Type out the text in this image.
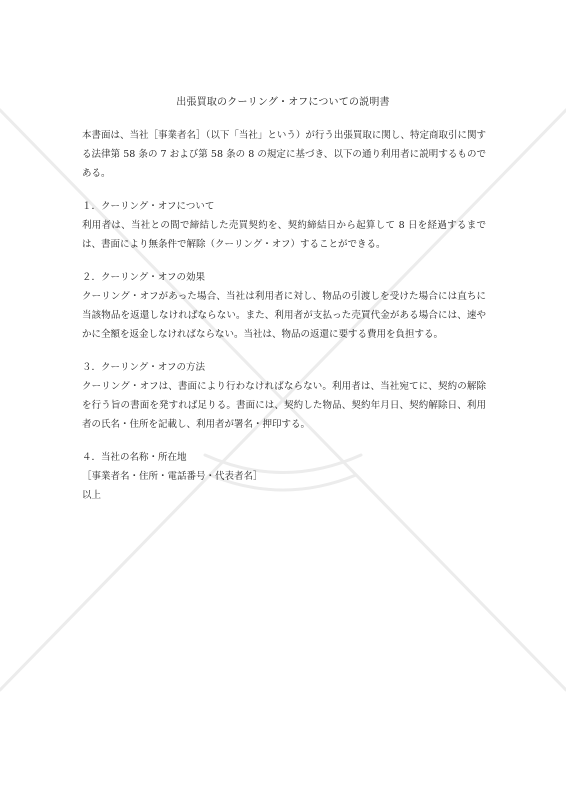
出張買取のクーリング・オフについての説明書

本書面は、当社［事業者名］（以下「当社」という）が行う出張買取に関し、特定商取引に関する法律第 58 条の 7 および第 58 条の 8 の規定に基づき、以下の通り利用者に説明するものである。

１．クーリング・オフについて

利用者は、当社との間で締結した売買契約を、契約締結日から起算して 8 日を経過するまでは、書面により無条件で解除（クーリング・オフ）することができる。

２．クーリング・オフの効果

クーリング・オフがあった場合、当社は利用者に対し、物品の引渡しを受けた場合には直ちに当該物品を返還しなければならない。また、利用者が支払った売買代金がある場合には、速やかに全額を返金しなければならない。当社は、物品の返還に要する費用を負担する。

３．クーリング・オフの方法

クーリング・オフは、書面により行わなければならない。利用者は、当社宛てに、契約の解除を行う旨の書面を発すれば足りる。書面には、契約した物品、契約年月日、契約解除日、利用者の氏名・住所を記載し、利用者が署名・押印する。

４．当社の名称・所在地

［事業者名・住所・電話番号・代表者名］

以上
